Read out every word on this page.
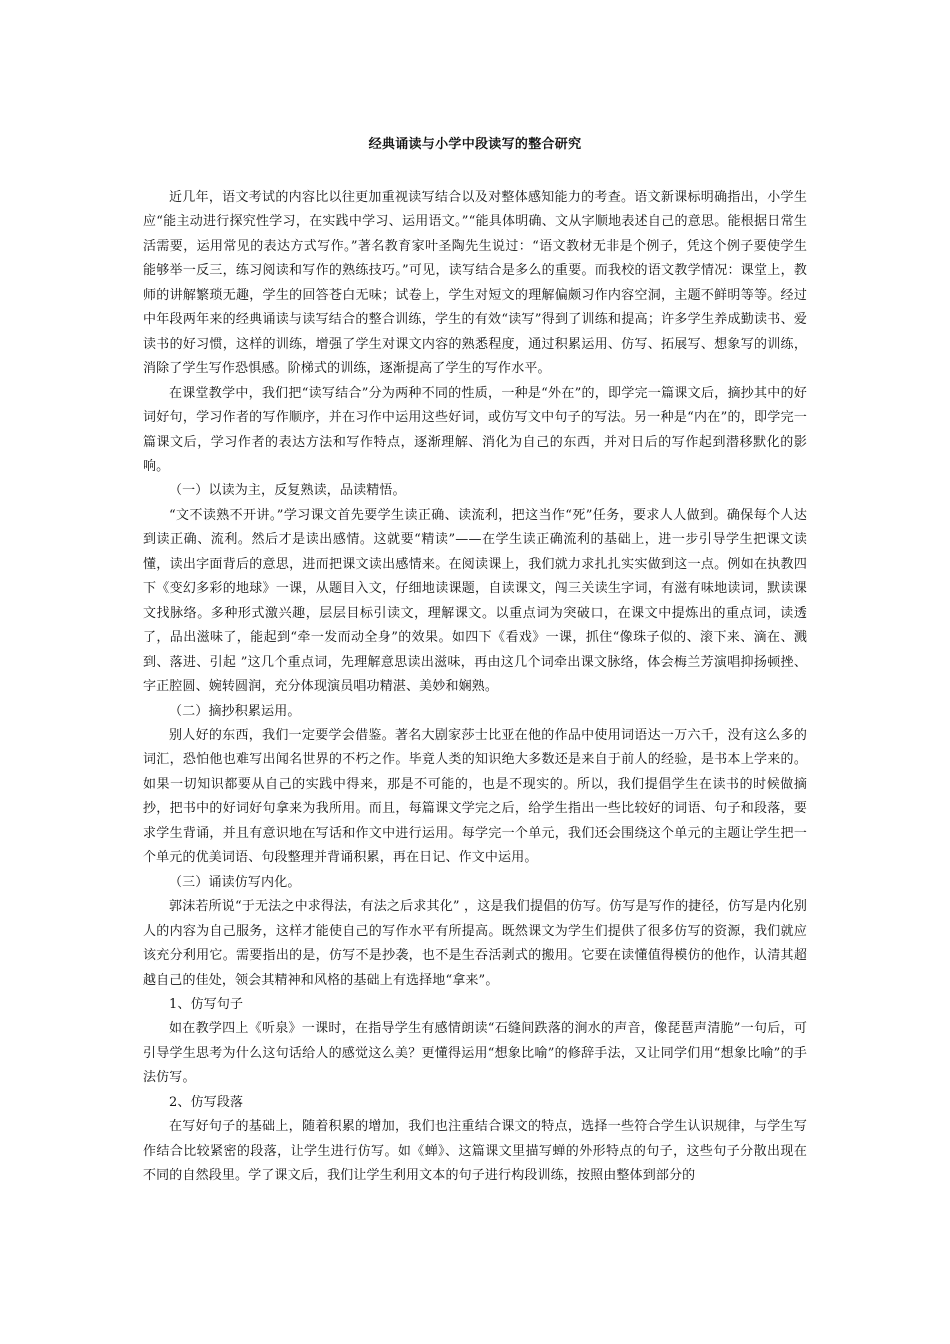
经典诵读与小学中段读写的整合研究

近几年，语文考试的内容比以往更加重视读写结合以及对整体感知能力的考查。语文新课标明确指出，小学生应“能主动进行探究性学习，在实践中学习、运用语文。”“能具体明确、文从字顺地表述自己的意思。能根据日常生活需要，运用常见的表达方式写作。”著名教育家叶圣陶先生说过：“语文教材无非是个例子，凭这个例子要使学生能够举一反三，练习阅读和写作的熟练技巧。”可见，读写结合是多么的重要。而我校的语文教学情况：课堂上，教师的讲解繁琐无趣，学生的回答苍白无味；试卷上，学生对短文的理解偏颇习作内容空洞，主题不鲜明等等。经过中年段两年来的经典诵读与读写结合的整合训练，学生的有效“读写”得到了训练和提高；许多学生养成勤读书、爱读书的好习惯，这样的训练，增强了学生对课文内容的熟悉程度，通过积累运用、仿写、拓展写、想象写的训练，消除了学生写作恐惧感。阶梯式的训练，逐渐提高了学生的写作水平。

在课堂教学中，我们把“读写结合”分为两种不同的性质，一种是“外在”的，即学完一篇课文后，摘抄其中的好词好句，学习作者的写作顺序，并在习作中运用这些好词，或仿写文中句子的写法。另一种是“内在”的，即学完一篇课文后，学习作者的表达方法和写作特点，逐渐理解、消化为自己的东西，并对日后的写作起到潜移默化的影响。

（一）以读为主，反复熟读，品读精悟。

“文不读熟不开讲。”学习课文首先要学生读正确、读流利，把这当作“死”任务，要求人人做到。确保每个人达到读正确、流利。然后才是读出感情。这就要“精读”——在学生读正确流利的基础上，进一步引导学生把课文读懂，读出字面背后的意思，进而把课文读出感情来。在阅读课上，我们就力求扎扎实实做到这一点。例如在执教四下《变幻多彩的地球》一课，从题目入文，仔细地读课题，自读课文，闯三关读生字词，有滋有味地读词，默读课文找脉络。多种形式激兴趣，层层目标引读文，理解课文。以重点词为突破口，在课文中提炼出的重点词，读透了，品出滋味了，能起到“牵一发而动全身”的效果。如四下《看戏》一课，抓住“像珠子似的、滚下来、滴在、溅到、落进、引起 ”这几个重点词，先理解意思读出滋味，再由这几个词牵出课文脉络，体会梅兰芳演唱抑扬顿挫、字正腔圆、婉转圆润，充分体现演员唱功精湛、美妙和娴熟。

（二）摘抄积累运用。

别人好的东西，我们一定要学会借鉴。著名大剧家莎士比亚在他的作品中使用词语达一万六千，没有这么多的词汇，恐怕他也难写出闻名世界的不朽之作。毕竟人类的知识绝大多数还是来自于前人的经验，是书本上学来的。如果一切知识都要从自己的实践中得来，那是不可能的，也是不现实的。所以，我们提倡学生在读书的时候做摘抄，把书中的好词好句拿来为我所用。而且，每篇课文学完之后，给学生指出一些比较好的词语、句子和段落，要求学生背诵，并且有意识地在写话和作文中进行运用。每学完一个单元，我们还会围绕这个单元的主题让学生把一个单元的优美词语、句段整理并背诵积累，再在日记、作文中运用。

（三）诵读仿写内化。

郭沫若所说“于无法之中求得法，有法之后求其化” ，这是我们提倡的仿写。仿写是写作的捷径，仿写是内化别人的内容为自己服务，这样才能使自己的写作水平有所提高。既然课文为学生们提供了很多仿写的资源，我们就应该充分利用它。需要指出的是，仿写不是抄袭，也不是生吞活剥式的搬用。它要在读懂值得模仿的他作，认清其超越自己的佳处，领会其精神和风格的基础上有选择地“拿来”。

1、仿写句子

如在教学四上《听泉》一课时，在指导学生有感情朗读“石缝间跌落的涧水的声音，像琵琶声清脆”一句后，可引导学生思考为什么这句话给人的感觉这么美？更懂得运用“想象比喻”的修辞手法，又让同学们用“想象比喻”的手法仿写。

2、仿写段落

在写好句子的基础上，随着积累的增加，我们也注重结合课文的特点，选择一些符合学生认识规律，与学生写作结合比较紧密的段落，让学生进行仿写。如《蝉》、这篇课文里描写蝉的外形特点的句子，这些句子分散出现在不同的自然段里。学了课文后，我们让学生利用文本的句子进行构段训练，按照由整体到部分的
